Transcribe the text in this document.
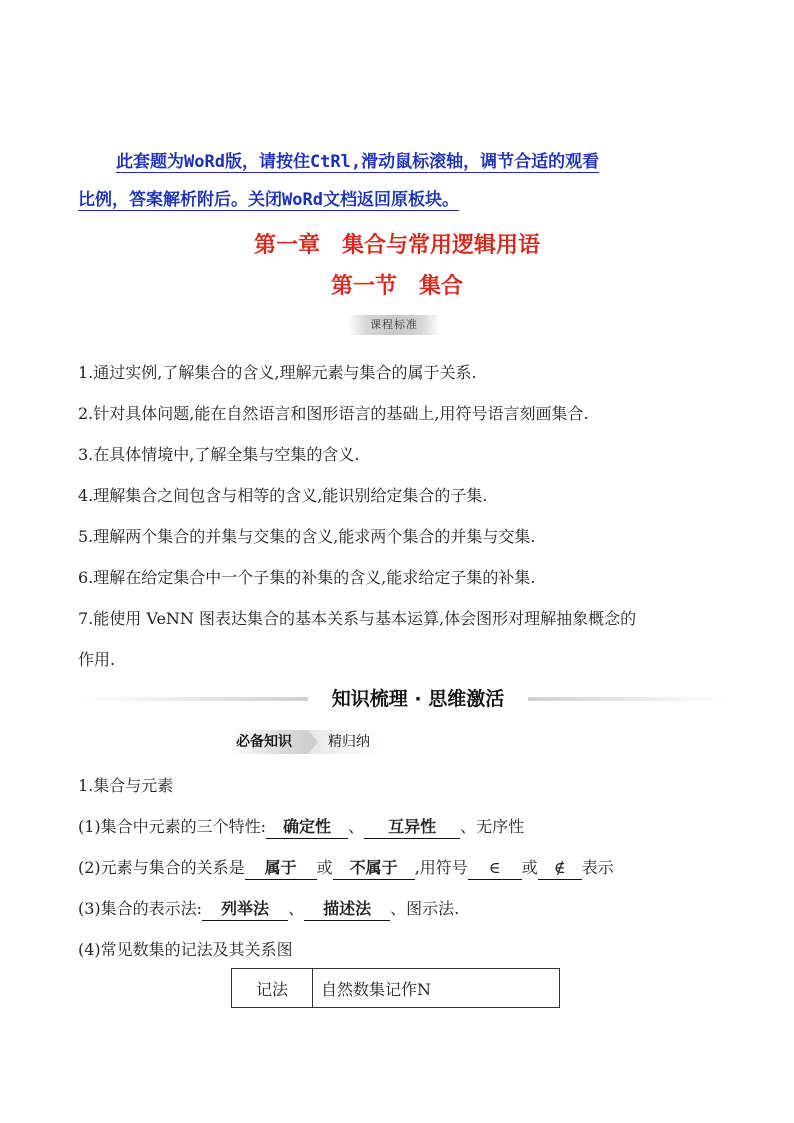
此套题为WoRd版，请按住CtRl,滑动鼠标滚轴，调节合适的观看
比例，答案解析附后。关闭WoRd文档返回原板块。
第一章　集合与常用逻辑用语
第一节　集合
课程标准
1.通过实例,了解集合的含义,理解元素与集合的属于关系.
2.针对具体问题,能在自然语言和图形语言的基础上,用符号语言刻画集合.
3.在具体情境中,了解全集与空集的含义.
4.理解集合之间包含与相等的含义,能识别给定集合的子集.
5.理解两个集合的并集与交集的含义,能求两个集合的并集与交集.
6.理解在给定集合中一个子集的补集的含义,能求给定子集的补集.
7.能使用 VeNN 图表达集合的基本关系与基本运算,体会图形对理解抽象概念的
作用.
知识梳理 · 思维激活
必备知识	精归纳
1.集合与元素
(1)集合中元素的三个特性: 确定性 、 互异性 、无序性
(2)元素与集合的关系是 属于 或 不属于 ,用符号 ∈ 或 ∉ 表示
(3)集合的表示法: 列举法 、 描述法 、图示法.
(4)常见数集的记法及其关系图
记法	自然数集记作N
